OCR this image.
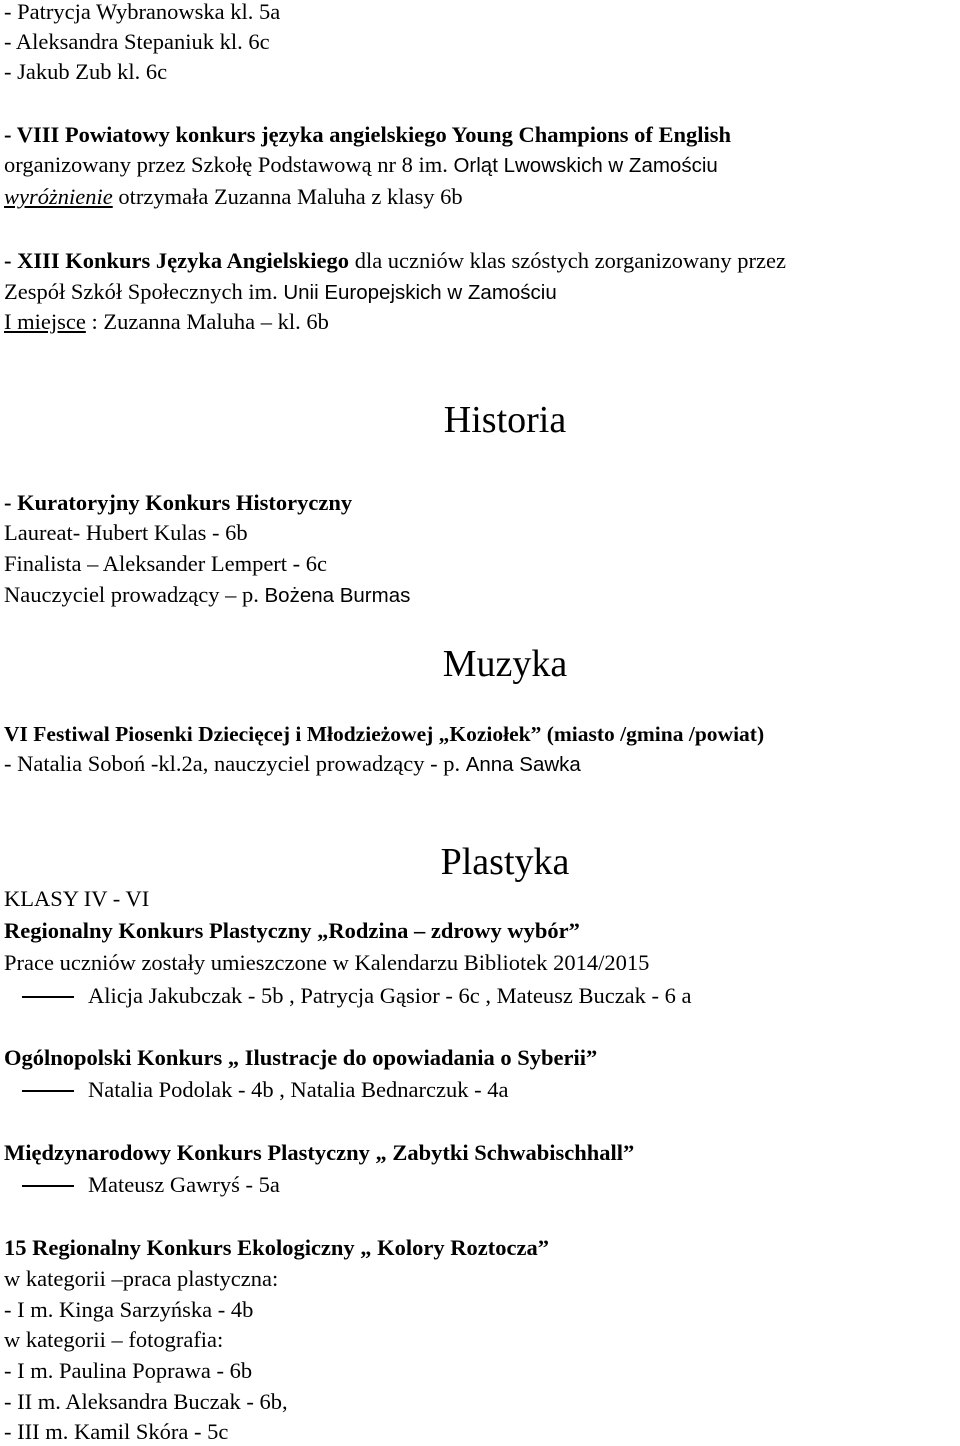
- Patrycja Wybranowska kl. 5a
- Aleksandra Stepaniuk kl. 6c
- Jakub Zub kl. 6c
- VIII Powiatowy konkurs języka angielskiego Young Champions of English
organizowany przez Szkołę Podstawową nr 8 im. Orląt Lwowskich w Zamościu
wyróżnienie otrzymała Zuzanna Maluha z klasy 6b
- XIII Konkurs Języka Angielskiego dla uczniów klas szóstych zorganizowany przez
Zespół Szkół Społecznych im. Unii Europejskich w Zamościu
I miejsce : Zuzanna Maluha – kl. 6b
Historia
- Kuratoryjny Konkurs Historyczny
Laureat- Hubert Kulas - 6b
Finalista – Aleksander Lempert - 6c
Nauczyciel prowadzący – p. Bożena Burmas
Muzyka
VI Festiwal Piosenki Dziecięcej i Młodzieżowej „Koziołek” (miasto /gmina /powiat)
- Natalia Soboń -kl.2a, nauczyciel prowadzący - p. Anna Sawka
Plastyka
KLASY IV - VI
Regionalny Konkurs Plastyczny „Rodzina – zdrowy wybór”
Prace uczniów zostały umieszczone w Kalendarzu Bibliotek 2014/2015
Alicja Jakubczak - 5b , Patrycja Gąsior - 6c , Mateusz Buczak - 6 a
Ogólnopolski Konkurs „ Ilustracje do opowiadania o Syberii”
Natalia Podolak - 4b , Natalia Bednarczuk - 4a
Międzynarodowy Konkurs Plastyczny „ Zabytki Schwabischhall”
Mateusz Gawryś - 5a
15 Regionalny Konkurs Ekologiczny „ Kolory Roztocza”
w kategorii –praca plastyczna:
- I m. Kinga Sarzyńska - 4b
w kategorii – fotografia:
- I m. Paulina Poprawa - 6b
- II m. Aleksandra Buczak - 6b,
- III m. Kamil Skóra - 5c
